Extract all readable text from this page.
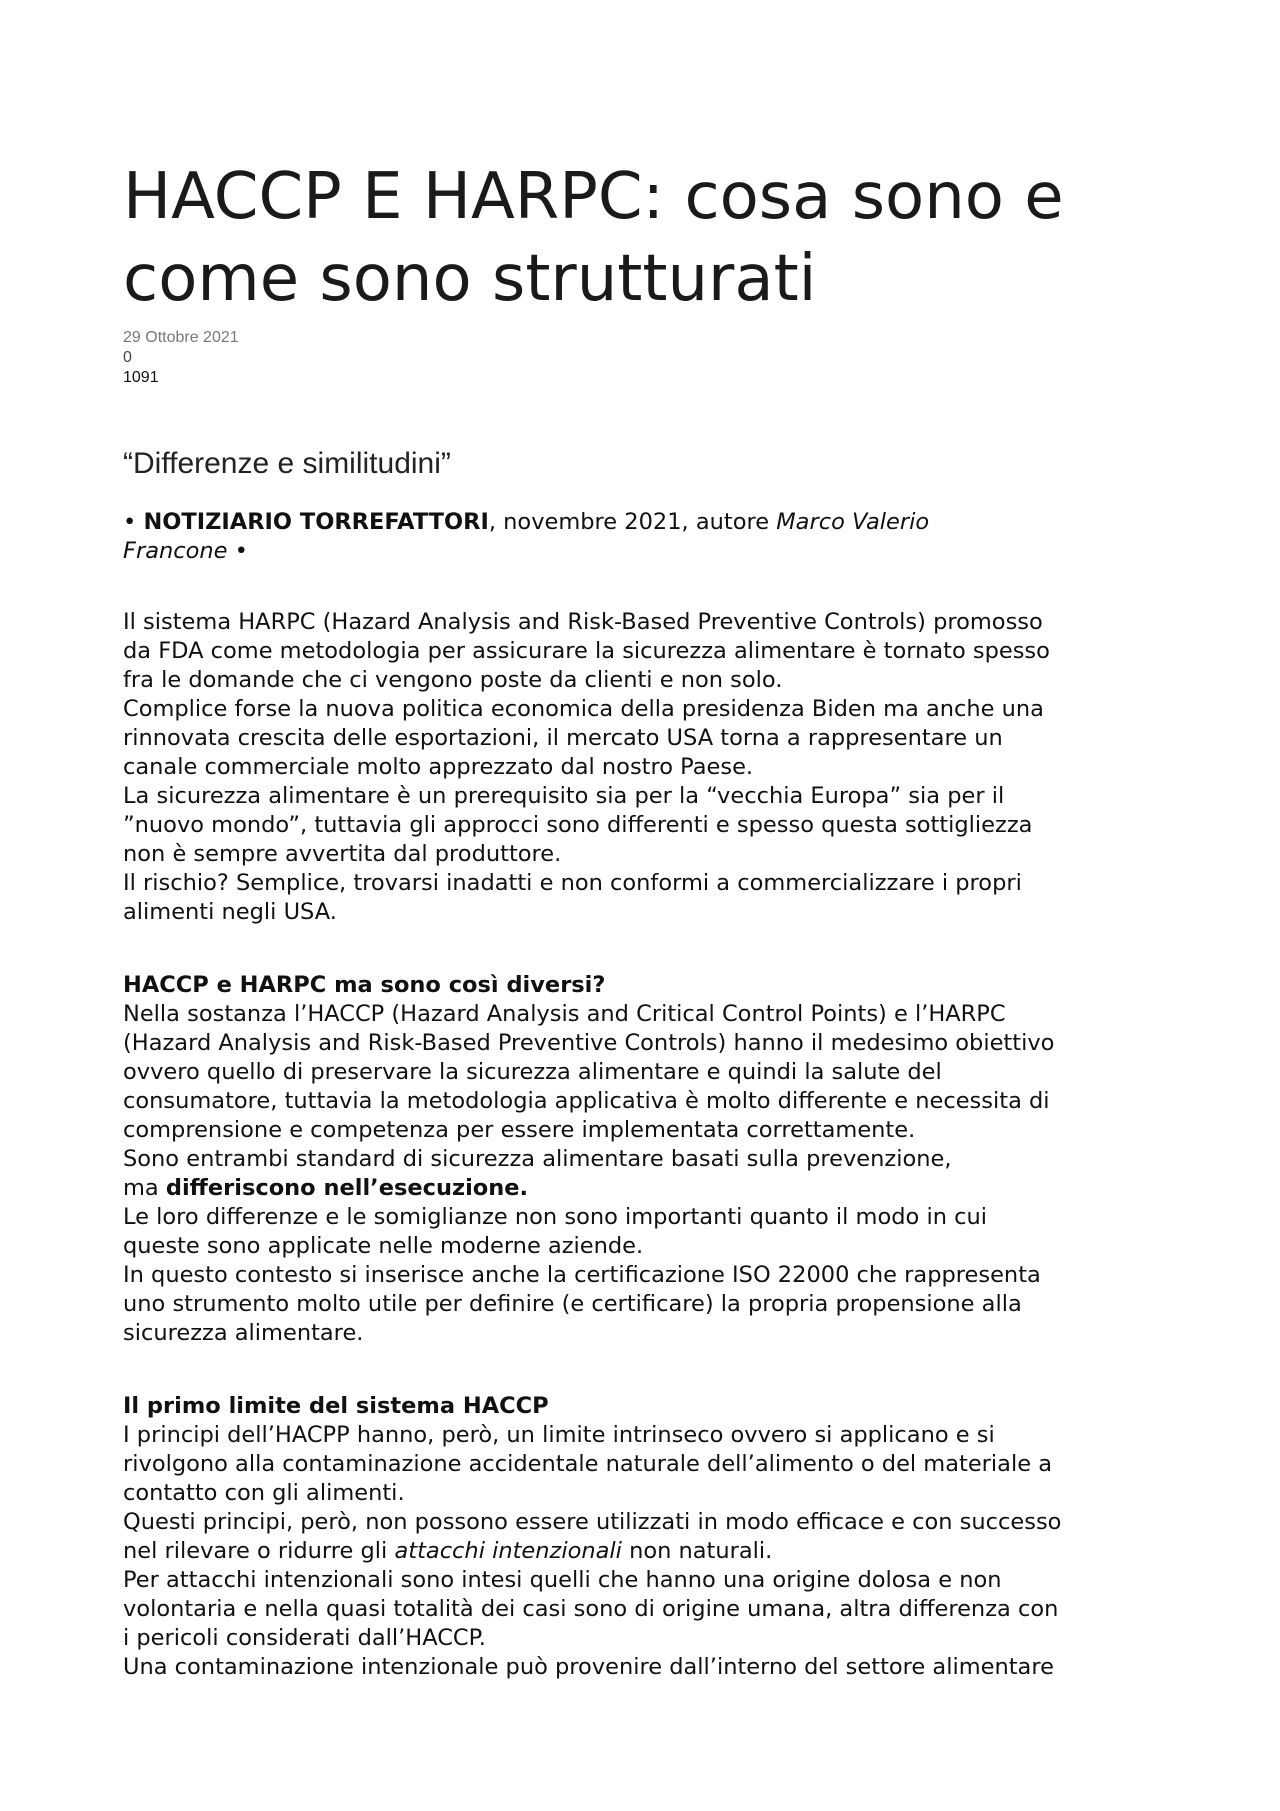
HACCP E HARPC: cosa sono e
come sono strutturati
29 Ottobre 2021
0
1091
“Differenze e similitudini”
• NOTIZIARIO TORREFATTORI, novembre 2021, autore Marco Valerio
Francone •

Il sistema HARPC (Hazard Analysis and Risk-Based Preventive Controls) promosso

da FDA come metodologia per assicurare la sicurezza alimentare è tornato spesso

fra le domande che ci vengono poste da clienti e non solo.

Complice forse la nuova politica economica della presidenza Biden ma anche una

rinnovata crescita delle esportazioni, il mercato USA torna a rappresentare un

canale commerciale molto apprezzato dal nostro Paese.

La sicurezza alimentare è un prerequisito sia per la “vecchia Europa” sia per il

”nuovo mondo”, tuttavia gli approcci sono differenti e spesso questa sottigliezza

non è sempre avvertita dal produttore.

Il rischio? Semplice, trovarsi inadatti e non conformi a commercializzare i propri

alimenti negli USA.

HACCP e HARPC ma sono così diversi?

Nella sostanza l’HACCP (Hazard Analysis and Critical Control Points) e l’HARPC

(Hazard Analysis and Risk-Based Preventive Controls) hanno il medesimo obiettivo

ovvero quello di preservare la sicurezza alimentare e quindi la salute del

consumatore, tuttavia la metodologia applicativa è molto differente e necessita di

comprensione e competenza per essere implementata correttamente.

Sono entrambi standard di sicurezza alimentare basati sulla prevenzione,

ma differiscono nell’esecuzione.

Le loro differenze e le somiglianze non sono importanti quanto il modo in cui

queste sono applicate nelle moderne aziende.

In questo contesto si inserisce anche la certificazione ISO 22000 che rappresenta

uno strumento molto utile per definire (e certificare) la propria propensione alla

sicurezza alimentare.

Il primo limite del sistema HACCP

I principi dell’HACPP hanno, però, un limite intrinseco ovvero si applicano e si

rivolgono alla contaminazione accidentale naturale dell’alimento o del materiale a

contatto con gli alimenti.

Questi principi, però, non possono essere utilizzati in modo efficace e con successo

nel rilevare o ridurre gli attacchi intenzionali non naturali.

Per attacchi intenzionali sono intesi quelli che hanno una origine dolosa e non

volontaria e nella quasi totalità dei casi sono di origine umana, altra differenza con

i pericoli considerati dall’HACCP.

Una contaminazione intenzionale può provenire dall’interno del settore alimentare
